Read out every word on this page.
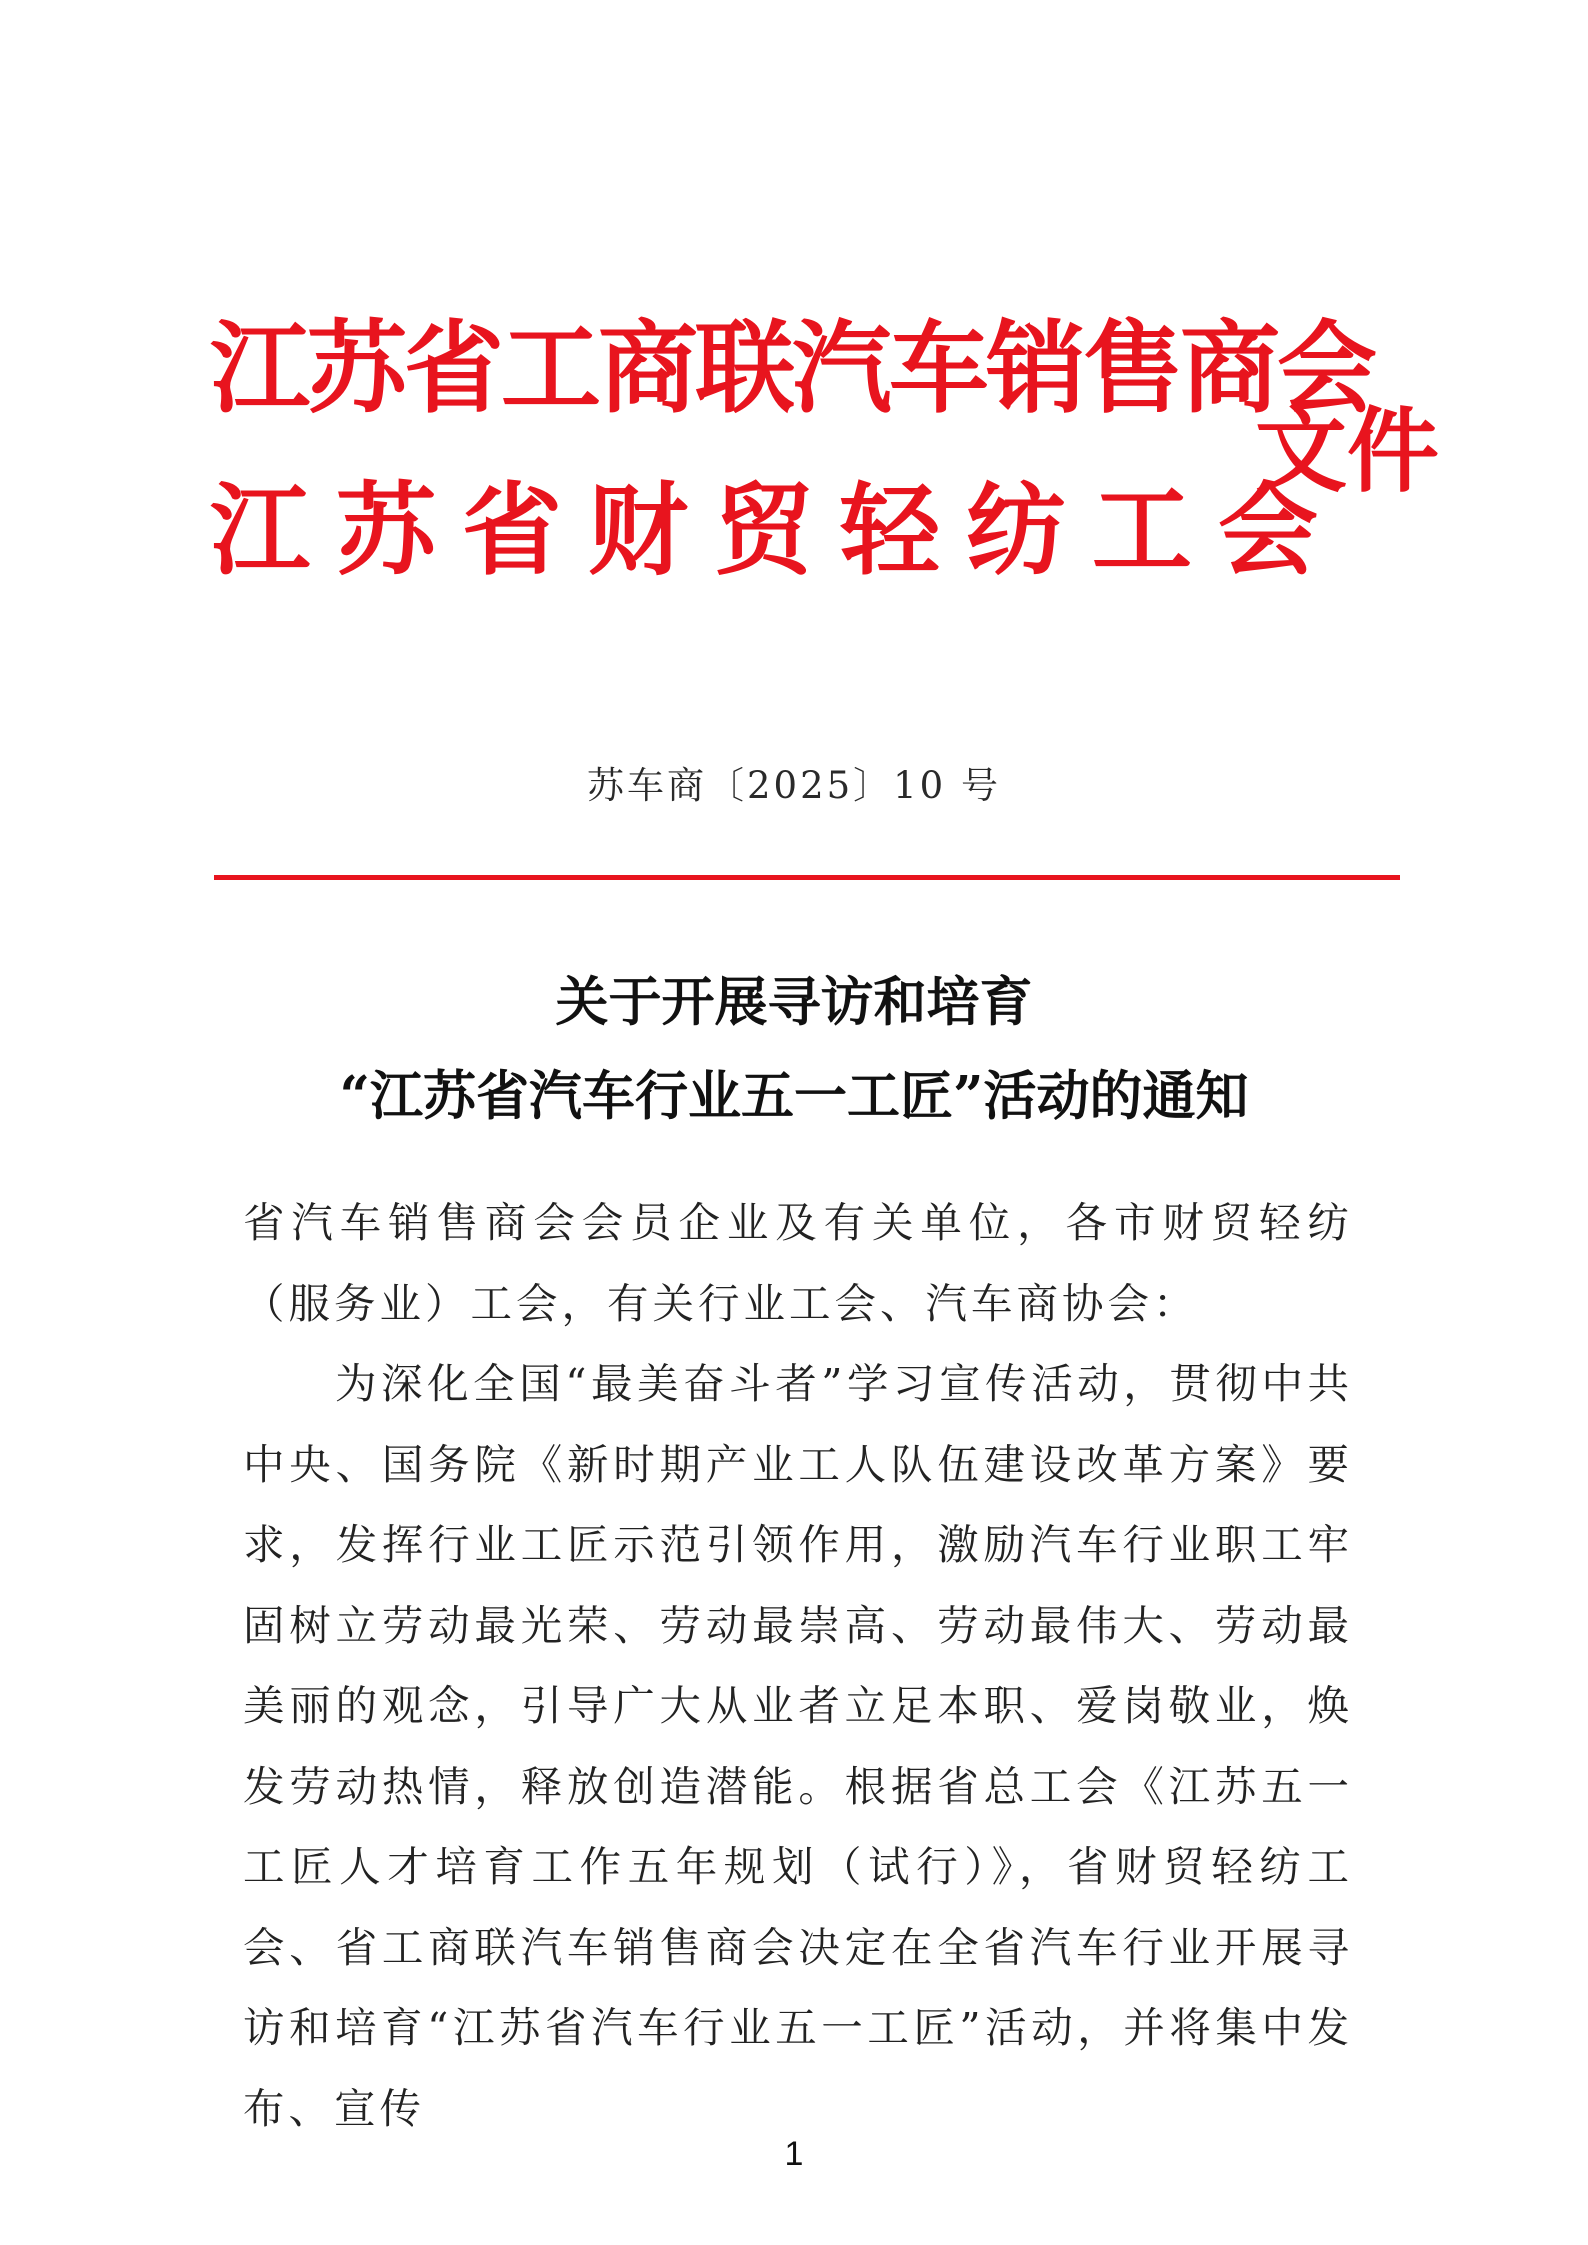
江苏省工商联汽车销售商会
江苏省财贸轻纺工会
文件
苏车商〔2025〕10 号
关于开展寻访和培育
“江苏省汽车行业五一工匠”活动的通知

省汽车销售商会会员企业及有关单位，各市财贸轻纺（服务业）工会，有关行业工会、汽车商协会：

为深化全国“最美奋斗者”学习宣传活动，贯彻中共中央、国务院《新时期产业工人队伍建设改革方案》要求，发挥行业工匠示范引领作用，激励汽车行业职工牢固树立劳动最光荣、劳动最崇高、劳动最伟大、劳动最美丽的观念，引导广大从业者立足本职、爱岗敬业，焕发劳动热情，释放创造潜能。根据省总工会《江苏五一工匠人才培育工作五年规划（试行）》，省财贸轻纺工会、省工商联汽车销售商会决定在全省汽车行业开展寻访和培育“江苏省汽车行业五一工匠”活动，并将集中发布、宣传

1
